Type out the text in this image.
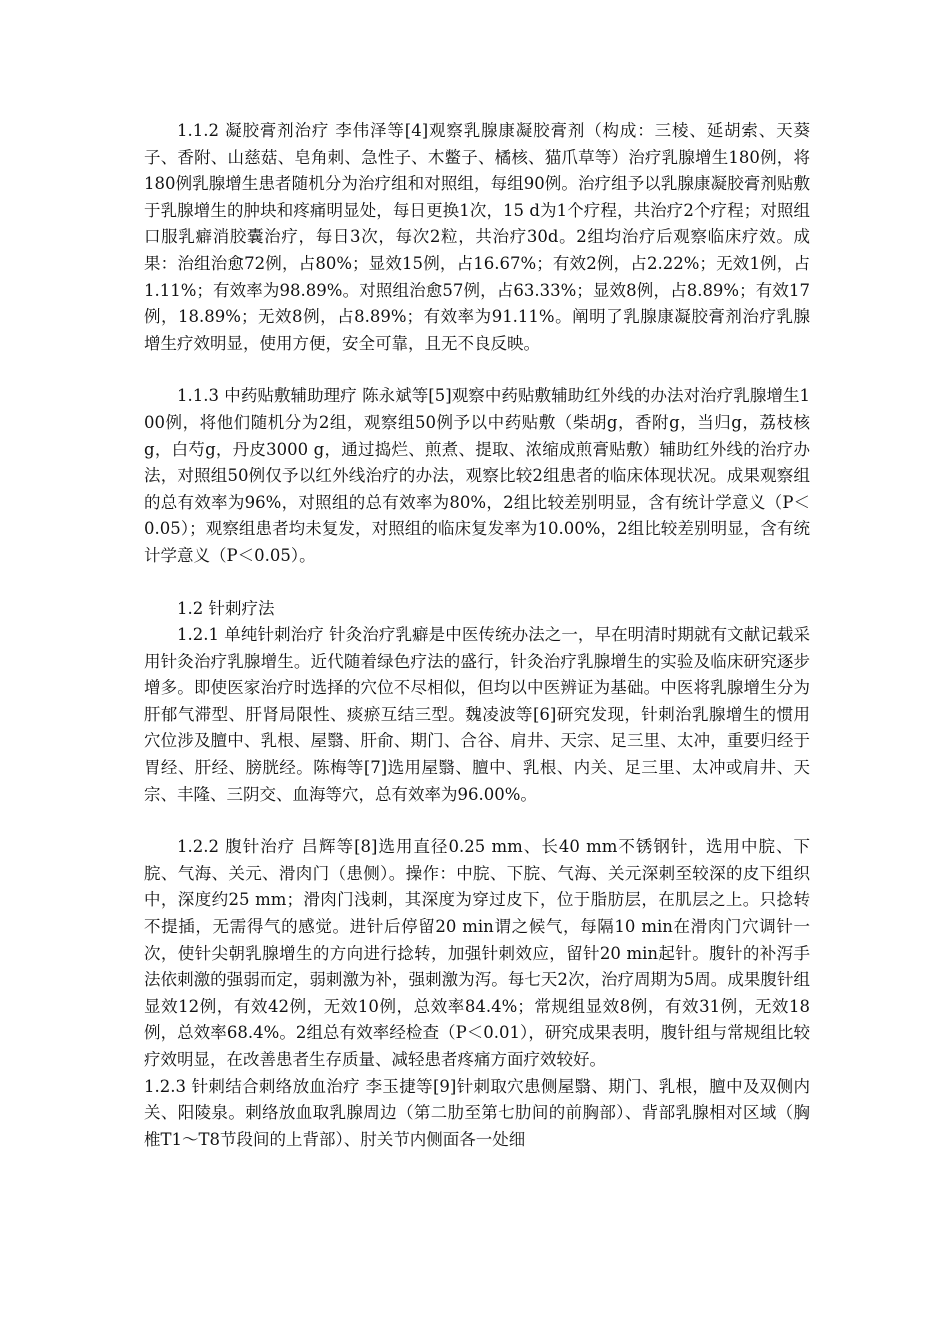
1.1.2 凝胶膏剂治疗 李伟泽等[4]观察乳腺康凝胶膏剂（构成：三棱、延胡索、天葵子、香附、山慈菇、皂角刺、急性子、木鳖子、橘核、猫爪草等）治疗乳腺增生180例，将180例乳腺增生患者随机分为治疗组和对照组，每组90例。治疗组予以乳腺康凝胶膏剂贴敷于乳腺增生的肿块和疼痛明显处，每日更换1次，15 d为1个疗程，共治疗2个疗程；对照组口服乳癖消胶囊治疗，每日3次，每次2粒，共治疗30d。2组均治疗后观察临床疗效。成果：治组治愈72例，占80%；显效15例，占16.67%；有效2例，占2.22%；无效1例，占1.11%；有效率为98.89%。对照组治愈57例，占63.33%；显效8例，占8.89%；有效17例，18.89%；无效8例，占8.89%；有效率为91.11%。阐明了乳腺康凝胶膏剂治疗乳腺增生疗效明显，使用方便，安全可靠，且无不良反映。

1.1.3 中药贴敷辅助理疗 陈永斌等[5]观察中药贴敷辅助红外线的办法对治疗乳腺增生100例，将他们随机分为2组，观察组50例予以中药贴敷（柴胡g，香附g，当归g，荔枝核g，白芍g，丹皮3000 g，通过捣烂、煎煮、提取、浓缩成煎膏贴敷）辅助红外线的治疗办法，对照组50例仅予以红外线治疗的办法，观察比较2组患者的临床体现状况。成果观察组的总有效率为96%，对照组的总有效率为80%，2组比较差别明显，含有统计学意义（P＜0.05）；观察组患者均未复发，对照组的临床复发率为10.00%，2组比较差别明显，含有统计学意义（P＜0.05）。

1.2 针刺疗法

1.2.1 单纯针刺治疗 针灸治疗乳癖是中医传统办法之一，早在明清时期就有文献记载采用针灸治疗乳腺增生。近代随着绿色疗法的盛行，针灸治疗乳腺增生的实验及临床研究逐步增多。即使医家治疗时选择的穴位不尽相似，但均以中医辨证为基础。中医将乳腺增生分为肝郁气滞型、肝肾局限性、痰瘀互结三型。魏凌波等[6]研究发现，针刺治乳腺增生的惯用穴位涉及膻中、乳根、屋翳、肝俞、期门、合谷、肩井、天宗、足三里、太冲，重要归经于胃经、肝经、膀胱经。陈梅等[7]选用屋翳、膻中、乳根、内关、足三里、太冲或肩井、天宗、丰隆、三阴交、血海等穴，总有效率为96.00%。

1.2.2 腹针治疗 吕辉等[8]选用直径0.25 mm、长40 mm不锈钢针，选用中脘、下脘、气海、关元、滑肉门（患侧）。操作：中脘、下脘、气海、关元深刺至较深的皮下组织中，深度约25 mm；滑肉门浅刺，其深度为穿过皮下，位于脂肪层，在肌层之上。只捻转不提插，无需得气的感觉。进针后停留20 min谓之候气，每隔10 min在滑肉门穴调针一次，使针尖朝乳腺增生的方向进行捻转，加强针刺效应，留针20 min起针。腹针的补泻手法依刺激的强弱而定，弱刺激为补，强刺激为泻。每七天2次，治疗周期为5周。成果腹针组显效12例，有效42例，无效10例，总效率84.4%；常规组显效8例，有效31例，无效18例，总效率68.4%。2组总有效率经检查（P＜0.01），研究成果表明，腹针组与常规组比较疗效明显，在改善患者生存质量、减轻患者疼痛方面疗效较好。

1.2.3 针刺结合刺络放血治疗 李玉捷等[9]针刺取穴患侧屋翳、期门、乳根，膻中及双侧内关、阳陵泉。刺络放血取乳腺周边（第二肋至第七肋间的前胸部）、背部乳腺相对区域（胸椎T1～T8节段间的上背部）、肘关节内侧面各一处细
